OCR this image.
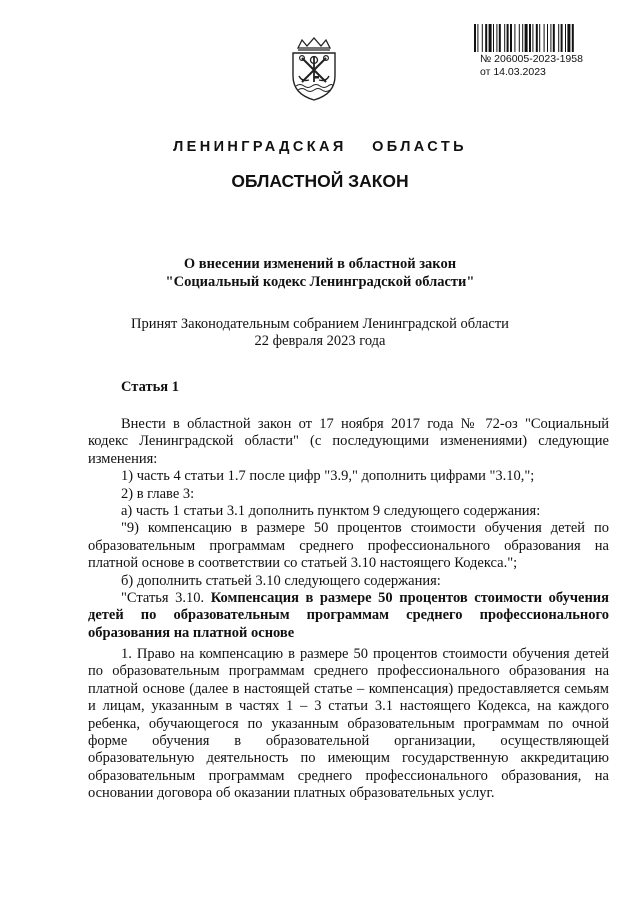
№ 206005-2023-1958
от 14.03.2023
ЛЕНИНГРАДСКАЯ ОБЛАСТЬ
ОБЛАСТНОЙ ЗАКОН
О внесении изменений в областной закон
"Социальный кодекс Ленинградской области"
Принят Законодательным собранием Ленинградской области
22 февраля 2023 года
Статья 1

Внести в областной закон от 17 ноября 2017 года № 72-оз "Социальный кодекс Ленинградской области" (с последующими изменениями) следующие изменения:

1) часть 4 статьи 1.7 после цифр "3.9," дополнить цифрами "3.10,";

2) в главе 3:

а) часть 1 статьи 3.1 дополнить пунктом 9 следующего содержания:

"9) компенсацию в размере 50 процентов стоимости обучения детей по образовательным программам среднего профессионального образования на платной основе в соответствии со статьей 3.10 настоящего Кодекса.";

б) дополнить статьей 3.10 следующего содержания:

"Статья 3.10. Компенсация в размере 50 процентов стоимости обучения детей по образовательным программам среднего профессионального образования на платной основе

1. Право на компенсацию в размере 50 процентов стоимости обучения детей по образовательным программам среднего профессионального образования на платной основе (далее в настоящей статье – компенсация) предоставляется семьям и лицам, указанным в частях 1 – 3 статьи 3.1 настоящего Кодекса, на каждого ребенка, обучающегося по указанным образовательным программам по очной форме обучения в образовательной организации, осуществляющей образовательную деятельность по имеющим государственную аккредитацию образовательным программам среднего профессионального образования, на основании договора об оказании платных образовательных услуг.
